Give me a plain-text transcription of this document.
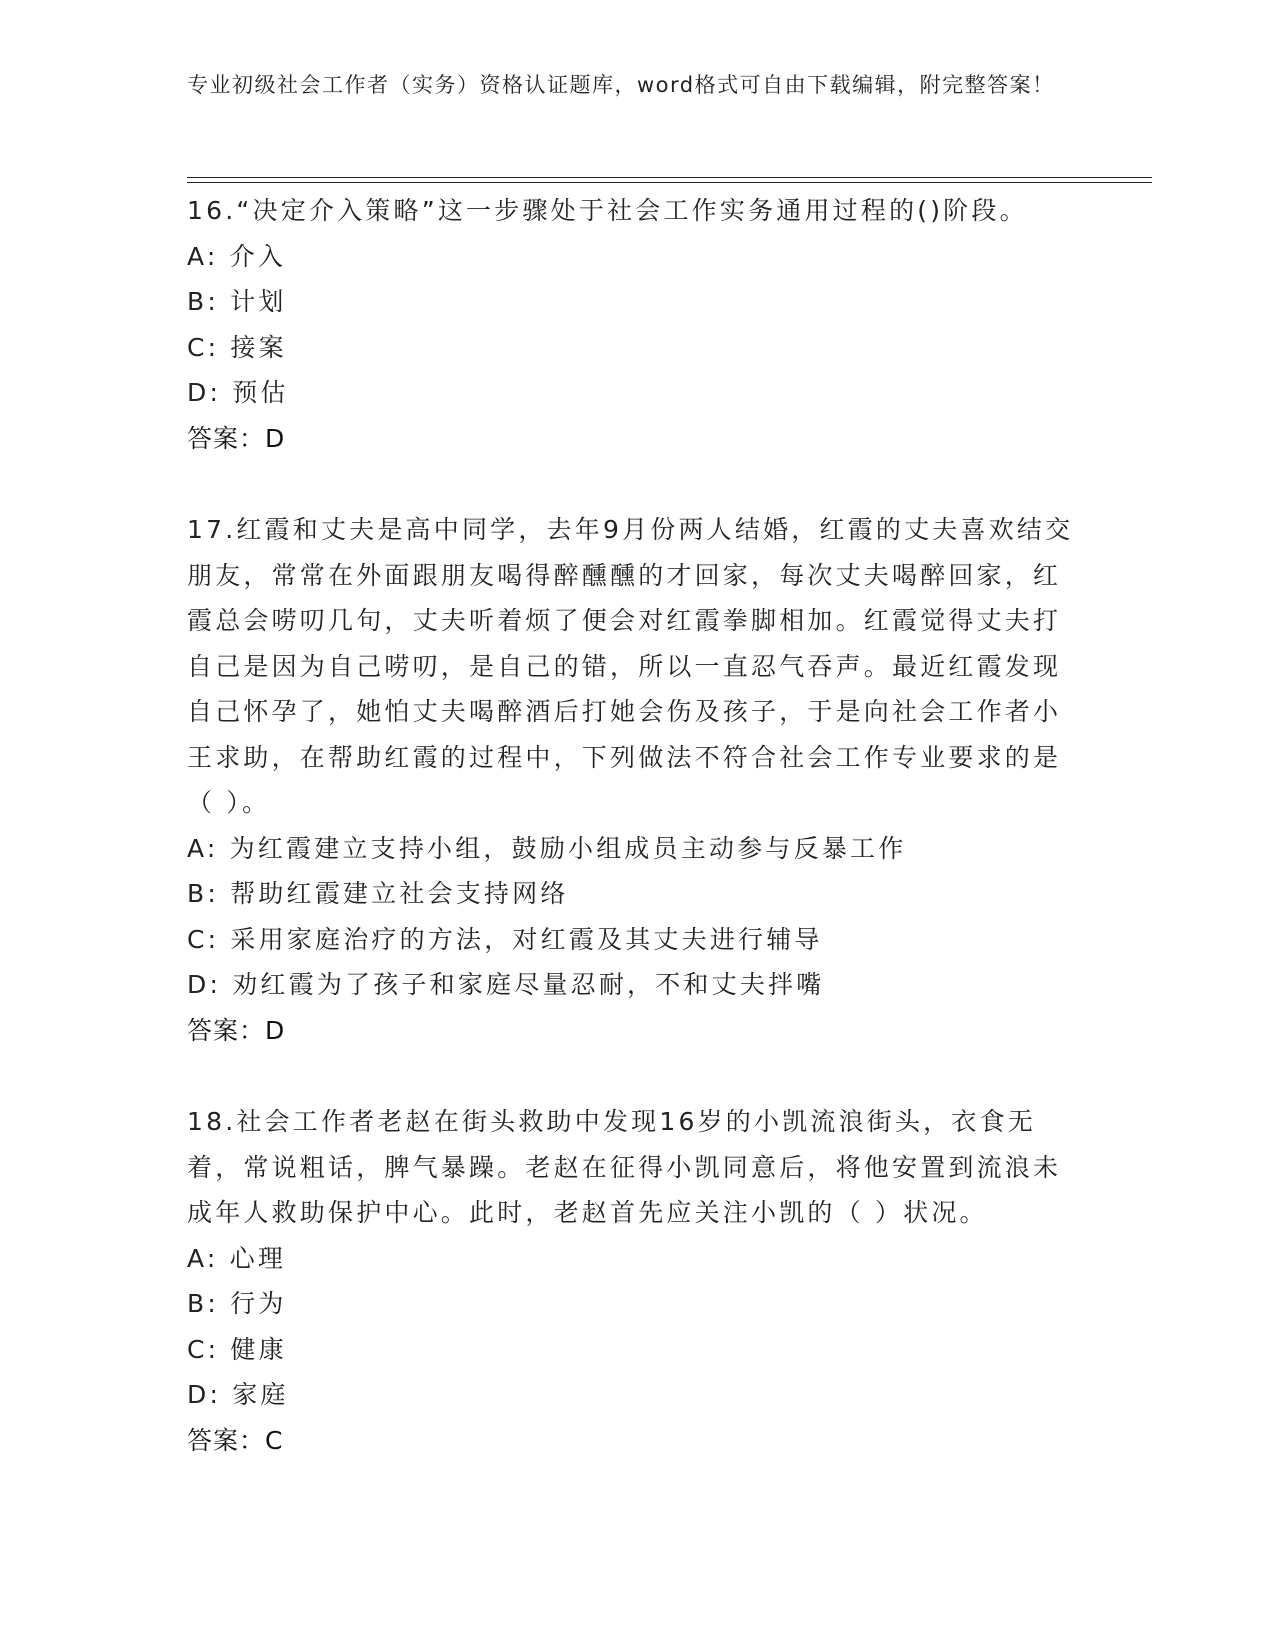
专业初级社会工作者（实务）资格认证题库，word格式可自由下载编辑，附完整答案！

16.“决定介入策略”这一步骤处于社会工作实务通用过程的()阶段。

A: 介入

B: 计划

C: 接案

D: 预估

答案：D

17.红霞和丈夫是高中同学，去年9月份两人结婚，红霞的丈夫喜欢结交朋友，常常在外面跟朋友喝得醉醺醺的才回家，每次丈夫喝醉回家，红霞总会唠叨几句，丈夫听着烦了便会对红霞拳脚相加。红霞觉得丈夫打自己是因为自己唠叨，是自己的错，所以一直忍气吞声。最近红霞发现自己怀孕了，她怕丈夫喝醉酒后打她会伤及孩子，于是向社会工作者小王求助，在帮助红霞的过程中，下列做法不符合社会工作专业要求的是（ ）。

A: 为红霞建立支持小组，鼓励小组成员主动参与反暴工作

B: 帮助红霞建立社会支持网络

C: 采用家庭治疗的方法，对红霞及其丈夫进行辅导

D: 劝红霞为了孩子和家庭尽量忍耐，不和丈夫拌嘴

答案：D

18.社会工作者老赵在街头救助中发现16岁的小凯流浪街头，衣食无着，常说粗话，脾气暴躁。老赵在征得小凯同意后，将他安置到流浪未成年人救助保护中心。此时，老赵首先应关注小凯的（ ）状况。

A: 心理

B: 行为

C: 健康

D: 家庭

答案：C
